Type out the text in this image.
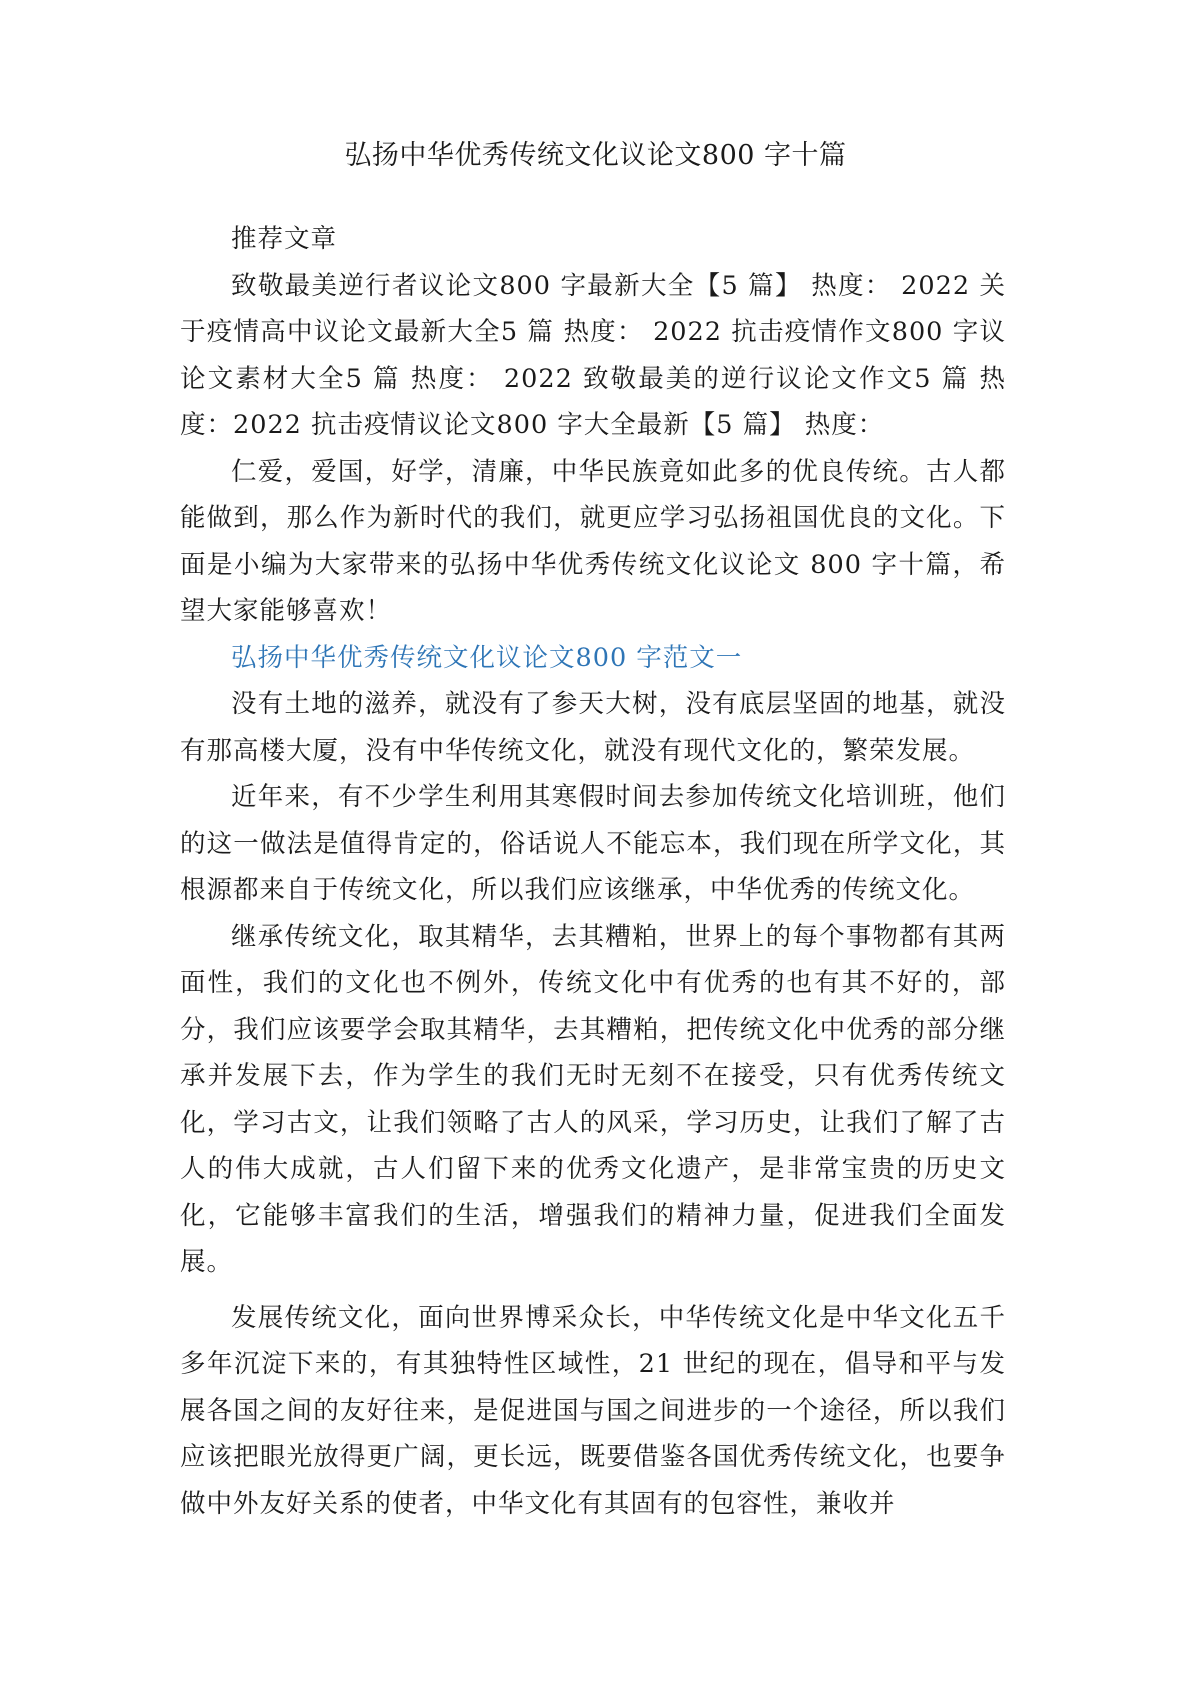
弘扬中华优秀传统文化议论文800 字十篇

推荐文章

致敬最美逆行者议论文800 字最新大全【5 篇】 热度： 2022 关于疫情高中议论文最新大全5 篇 热度： 2022 抗击疫情作文800 字议论文素材大全5 篇 热度： 2022 致敬最美的逆行议论文作文5 篇 热度：2022 抗击疫情议论文800 字大全最新【5 篇】 热度：

仁爱，爱国，好学，清廉，中华民族竟如此多的优良传统。古人都能做到，那么作为新时代的我们，就更应学习弘扬祖国优良的文化。下面是小编为大家带来的弘扬中华优秀传统文化议论文 800 字十篇，希望大家能够喜欢！

弘扬中华优秀传统文化议论文800 字范文一

没有土地的滋养，就没有了参天大树，没有底层坚固的地基，就没有那高楼大厦，没有中华传统文化，就没有现代文化的，繁荣发展。

近年来，有不少学生利用其寒假时间去参加传统文化培训班，他们的这一做法是值得肯定的，俗话说人不能忘本，我们现在所学文化，其根源都来自于传统文化，所以我们应该继承，中华优秀的传统文化。

继承传统文化，取其精华，去其糟粕，世界上的每个事物都有其两面性，我们的文化也不例外，传统文化中有优秀的也有其不好的，部分，我们应该要学会取其精华，去其糟粕，把传统文化中优秀的部分继承并发展下去，作为学生的我们无时无刻不在接受，只有优秀传统文化，学习古文，让我们领略了古人的风采，学习历史，让我们了解了古人的伟大成就，古人们留下来的优秀文化遗产，是非常宝贵的历史文化，它能够丰富我们的生活，增强我们的精神力量，促进我们全面发展。

发展传统文化，面向世界博采众长，中华传统文化是中华文化五千多年沉淀下来的，有其独特性区域性，21 世纪的现在，倡导和平与发展各国之间的友好往来，是促进国与国之间进步的一个途径，所以我们应该把眼光放得更广阔，更长远，既要借鉴各国优秀传统文化，也要争做中外友好关系的使者，中华文化有其固有的包容性，兼收并
